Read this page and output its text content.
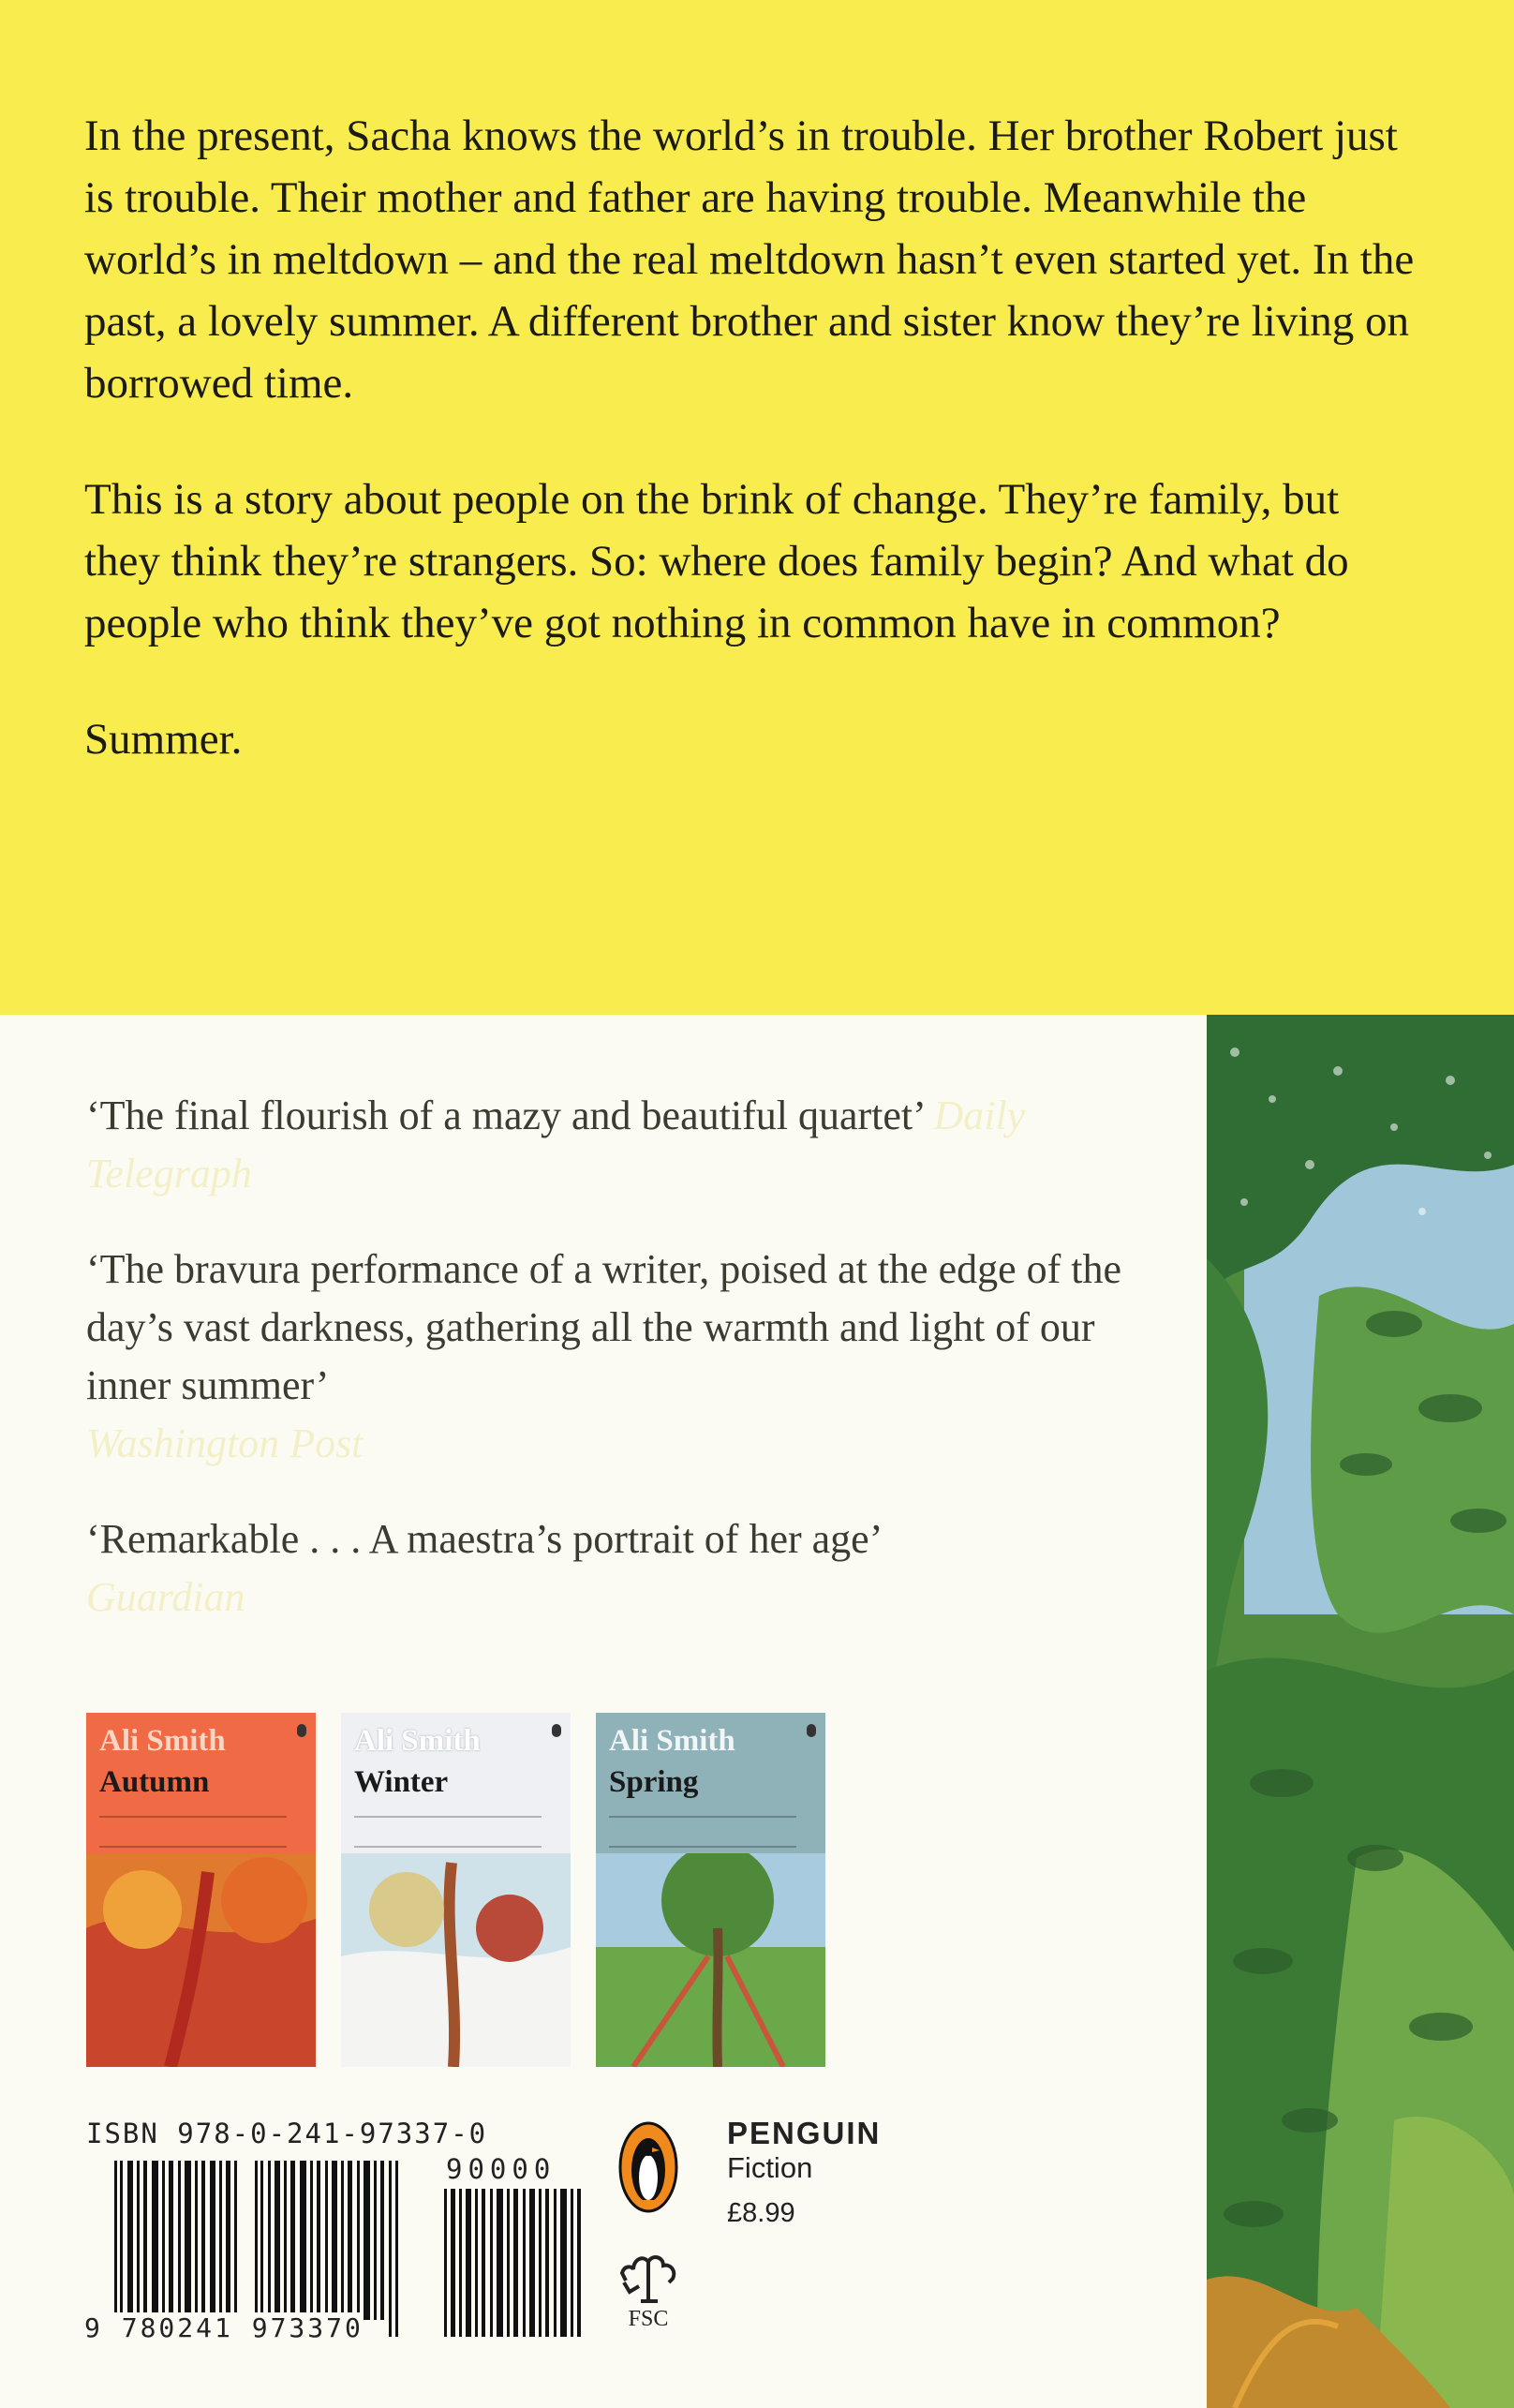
In the present, Sacha knows the world’s in trouble. Her brother Robert just is trouble. Their mother and father are having trouble. Meanwhile the world’s in meltdown – and the real meltdown hasn’t even started yet. In the past, a lovely summer. A different brother and sister know they’re living on borrowed time.

This is a story about people on the brink of change. They’re family, but they think they’re strangers. So: where does family begin? And what do people who think they’ve got nothing in common have in common?

Summer.

‘The final flourish of a mazy and beautiful quartet’ Daily Telegraph
‘The bravura performance of a writer, poised at the edge of the day’s vast darkness, gathering all the warmth and light of our inner summer’
Washington Post
‘Remarkable . . . A maestra’s portrait of her age’
Guardian
Ali Smith
Autumn
Ali Smith
Winter
Ali Smith
Spring
ISBN 978-0-241-97337-0
90000
9 780241 973370
PENGUIN
Fiction
£8.99
FSC
